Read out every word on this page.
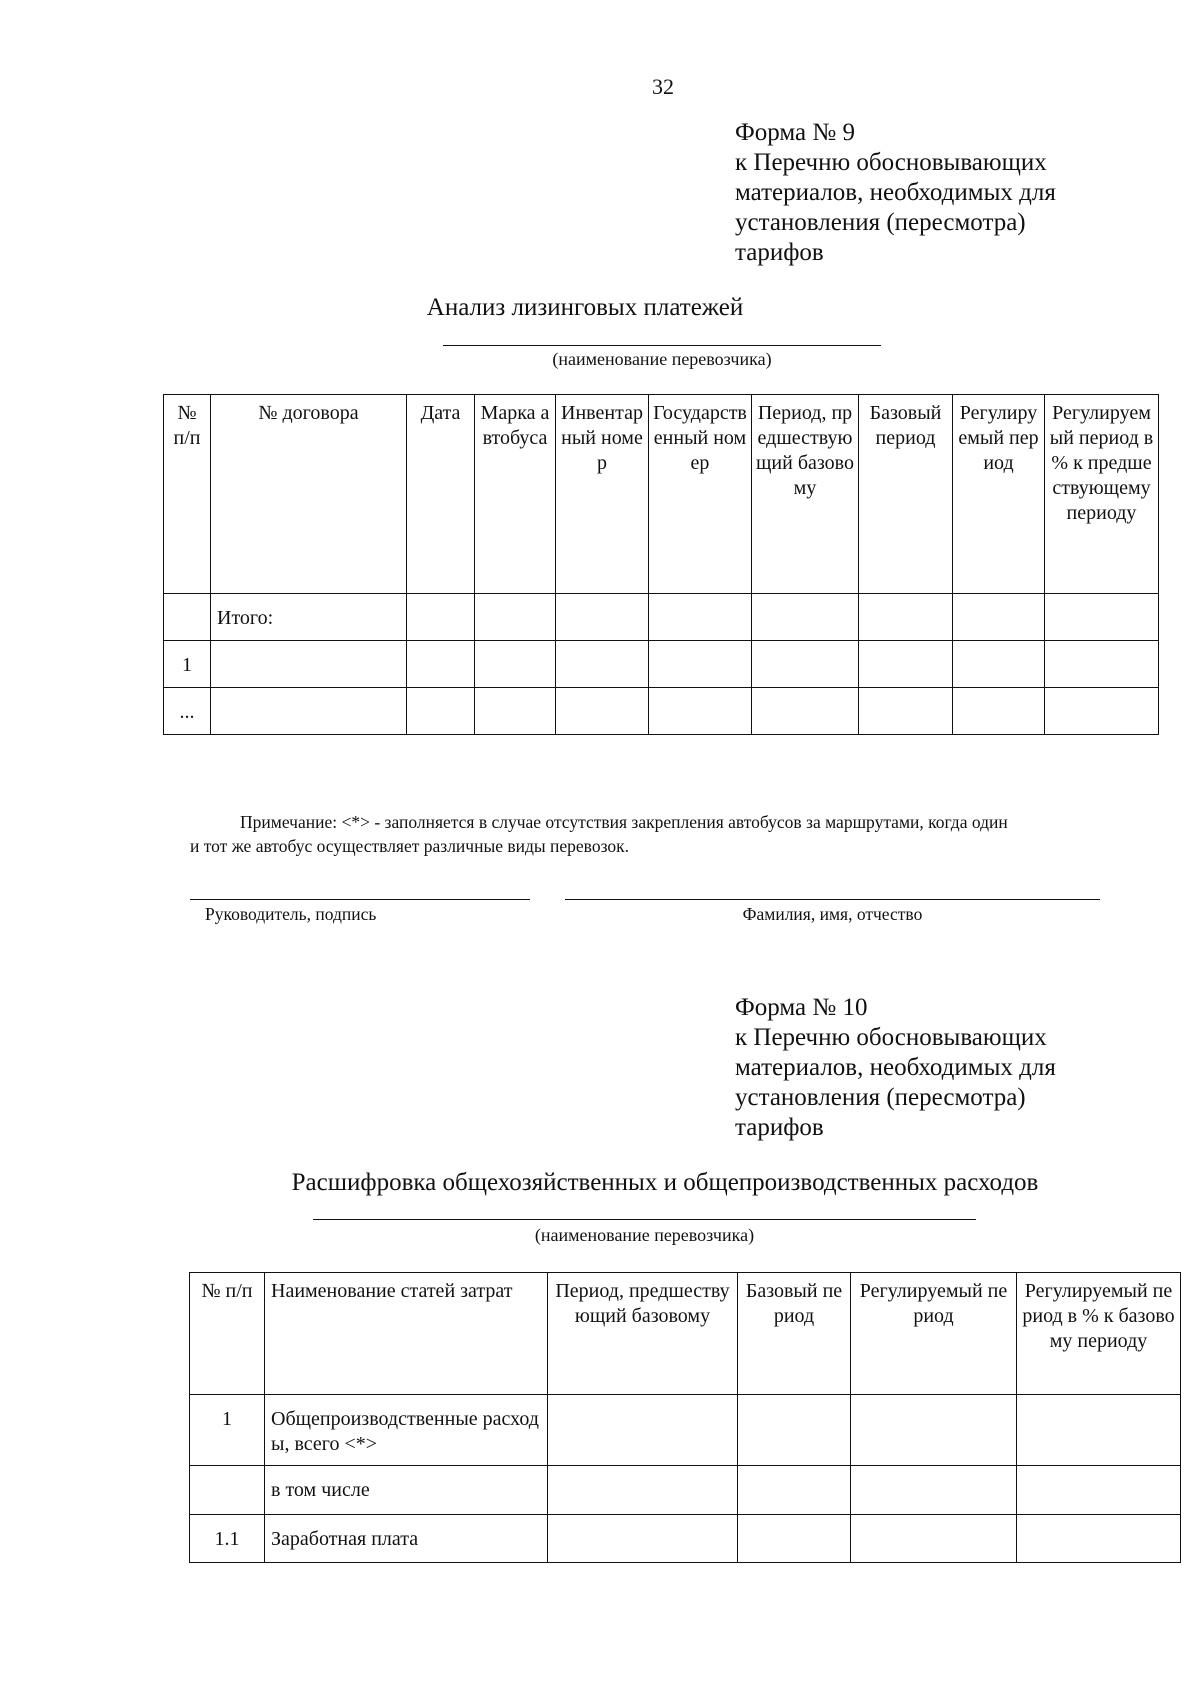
32
Форма № 9
к Перечню обосновывающих
материалов, необходимых для
установления (пересмотра)
тарифов
Анализ лизинговых платежей
(наименование перевозчика)
№ п/п	№ договора	Дата	Марка автобуса	Инвентарный номер	Государственный номер	Период, предшествующий базовому	Базовый период	Регулируемый период	Регулируемый период в % к предшествующему периоду
	Итого:								
1									
...									
Примечание: <*> - заполняется в случае отсутствия закрепления автобусов за маршрутами, когда один
и тот же автобус осуществляет различные виды перевозок.
Руководитель, подпись	Фамилия, имя, отчество
Форма № 10
к Перечню обосновывающих
материалов, необходимых для
установления (пересмотра)
тарифов
Расшифровка общехозяйственных и общепроизводственных расходов
(наименование перевозчика)
№ п/п	Наименование статей затрат	Период, предшествующий базовому	Базовый период	Регулируемый период	Регулируемый период в % к базовому периоду
1	Общепроизводственные расходы, всего <*>				
	в том числе				
1.1	Заработная плата				
